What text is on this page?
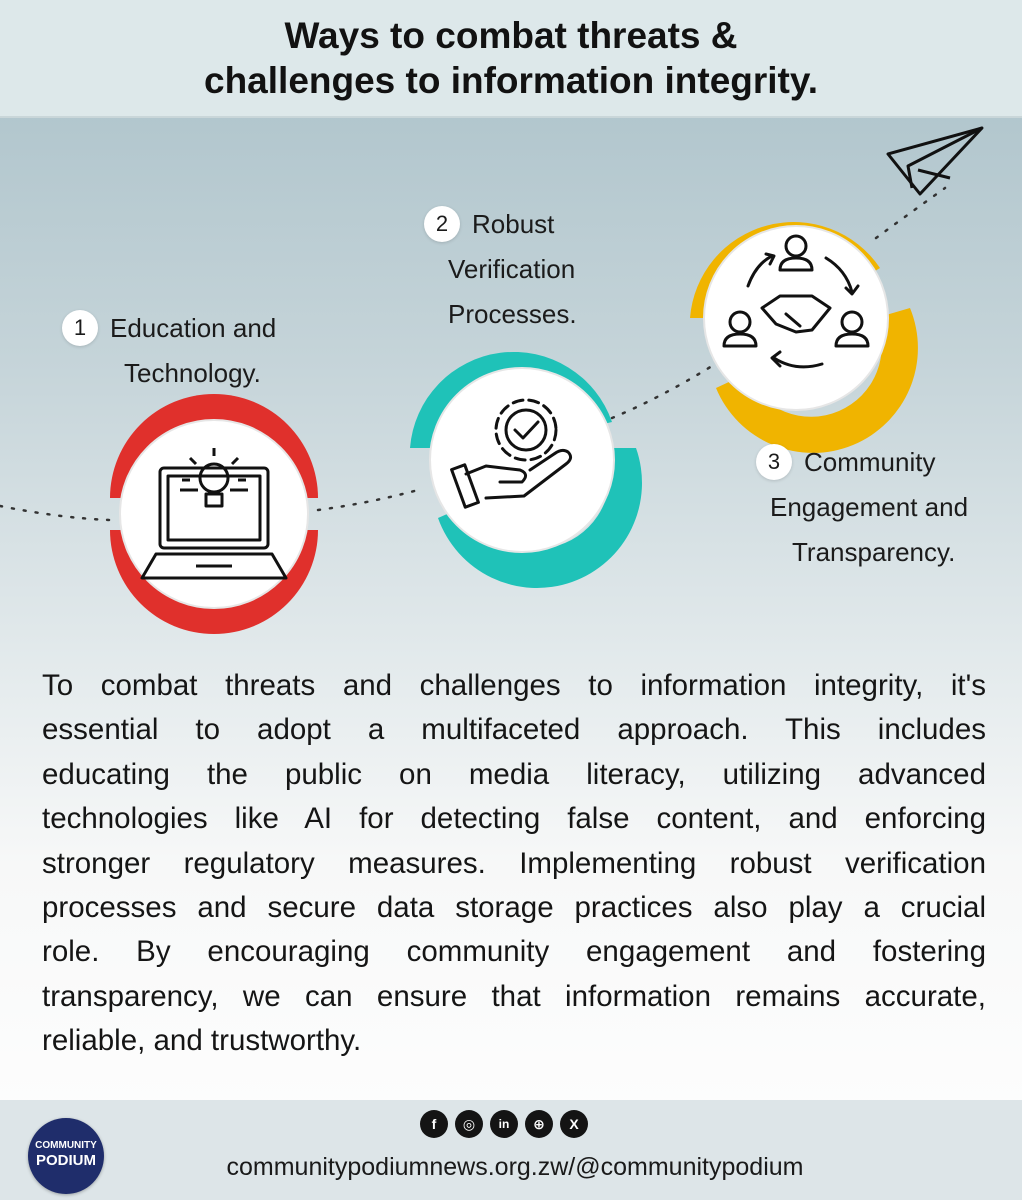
Ways to combat threats &
challenges to information integrity.
1 Education and
Technology.
2 Robust
Verification
Processes.
3 Community
Engagement and
Transparency.
To combat threats and challenges to information integrity, it's
essential to adopt a multifaceted approach. This includes
educating the public on media literacy, utilizing advanced
technologies like AI for detecting false content, and enforcing
stronger regulatory measures. Implementing robust verification
processes and secure data storage practices also play a crucial
role. By encouraging community engagement and fostering
transparency, we can ensure that information remains accurate,
reliable, and trustworthy.
COMMUNITY
PODIUM
f	◎	in	⊕	X
communitypodiumnews.org.zw/@communitypodium
